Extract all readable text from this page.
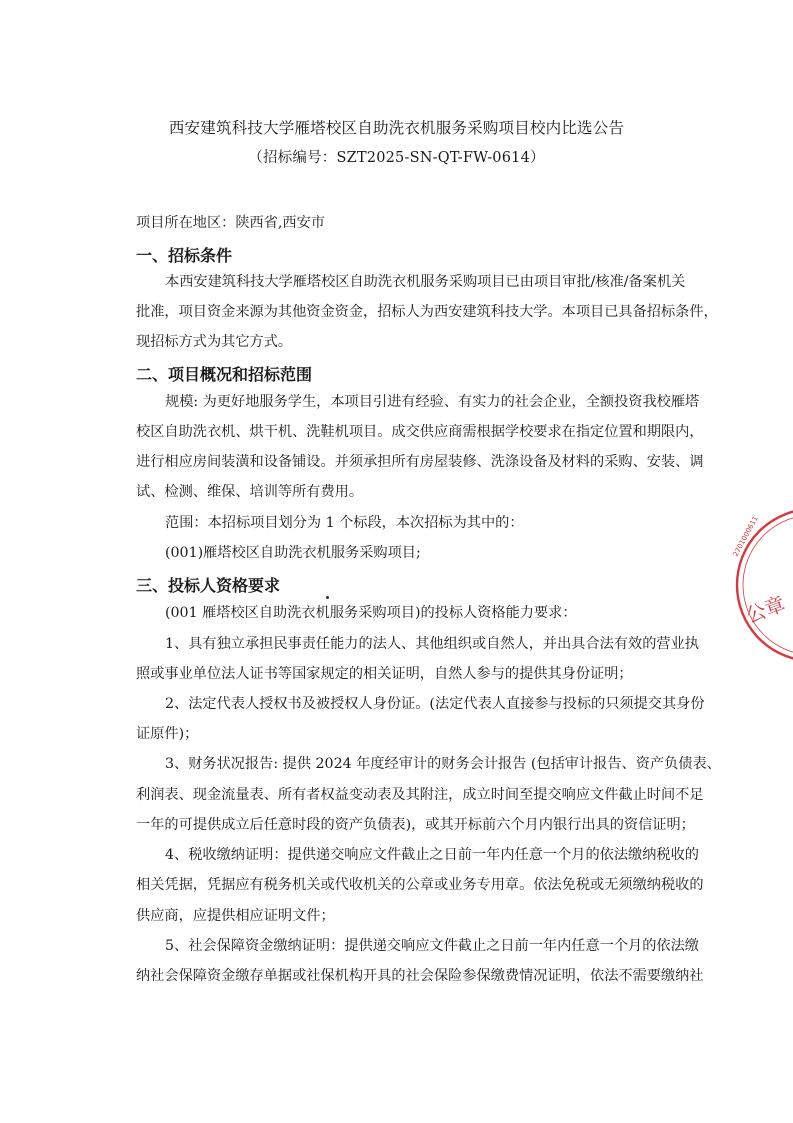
西安建筑科技大学雁塔校区自助洗衣机服务采购项目校内比选公告
（招标编号：SZT2025-SN-QT-FW-0614）
项目所在地区：陕西省,西安市
一、招标条件
本西安建筑科技大学雁塔校区自助洗衣机服务采购项目已由项目审批/核准/备案机关
批准，项目资金来源为其他资金资金，招标人为西安建筑科技大学。本项目已具备招标条件，
现招标方式为其它方式。
二、项目概况和招标范围
规模: 为更好地服务学生，本项目引进有经验、有实力的社会企业，全额投资我校雁塔
校区自助洗衣机、烘干机、洗鞋机项目。成交供应商需根据学校要求在指定位置和期限内，
进行相应房间装潢和设备铺设。并须承担所有房屋装修、洗涤设备及材料的采购、安装、调
试、检测、维保、培训等所有费用。
范围：本招标项目划分为 1 个标段，本次招标为其中的：
(001)雁塔校区自助洗衣机服务采购项目;
三、投标人资格要求
(001 雁塔校区自助洗衣机服务采购项目)的投标人资格能力要求：
1、具有独立承担民事责任能力的法人、其他组织或自然人，并出具合法有效的营业执
照或事业单位法人证书等国家规定的相关证明，自然人参与的提供其身份证明；
2、法定代表人授权书及被授权人身份证。(法定代表人直接参与投标的只须提交其身份
证原件)；
3、财务状况报告: 提供 2024 年度经审计的财务会计报告 (包括审计报告、资产负债表、
利润表、现金流量表、所有者权益变动表及其附注，成立时间至提交响应文件截止时间不足
一年的可提供成立后任意时段的资产负债表)，或其开标前六个月内银行出具的资信证明；
4、税收缴纳证明：提供递交响应文件截止之日前一年内任意一个月的依法缴纳税收的
相关凭据，凭据应有税务机关或代收机关的公章或业务专用章。依法免税或无须缴纳税收的
供应商，应提供相应证明文件；
5、社会保障资金缴纳证明：提供递交响应文件截止之日前一年内任意一个月的依法缴
纳社会保障资金缴存单据或社保机构开具的社会保险参保缴费情况证明，依法不需要缴纳社
2701000611
公章
